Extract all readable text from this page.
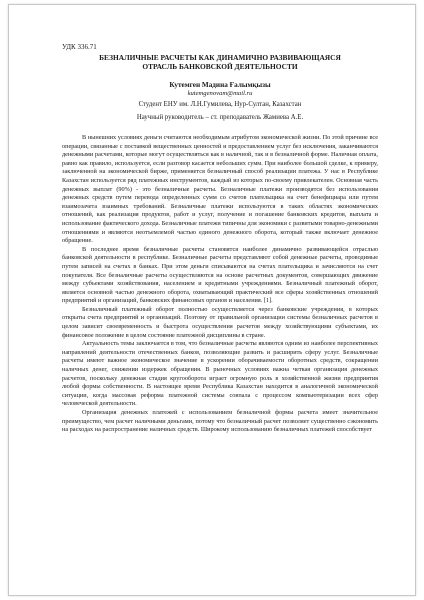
УДК 336.71
БЕЗНАЛИЧНЫЕ РАСЧЕТЫ КАК ДИНАМИЧНО РАЗВИВАЮЩАЯСЯ
ОТРАСЛЬ БАНКОВСКОЙ ДЕЯТЕЛЬНОСТИ
Кутемген Мадина Ғалымқызы
kutemgenovam@mail.ru
Студент ЕНУ им. Л.Н.Гумилева, Нур-Султан, Казахстан
Научный руководитель – ст. преподаватель Жамиева А.Е.

В нынешних условиях деньги считаются необходимым атрибутом экономической жизни. По этой причине все операции, связанные с поставкой вещественных ценностей и предоставлением услуг без исключения, заканчиваются денежными расчетами, которые могут осуществляться как в наличной, так и в безналичной форме. Наличная оплата, равно как правило, используется, если разговор касается небольших сумм. При наиболее большой сделке, к примеру, заключенной на экономической бирже, применяется безналичный способ реализации платежа. У нас в Республике Казахстан используется ряд платежных инструментов, каждый из которых по-своему привлекателен. Основная часть денежных выплат (90%) - это безналичные расчеты. Безналичные платежи производятся без использования денежных средств путем перевода определенных сумм со счетов плательщика на счет бенефициара или путем взаимозачета взаимных требований. Безналичные платежи используются в таких областях экономических отношений, как реализация продуктов, работ и услуг, получение и погашение банковских кредитов, выплата и использование фактического дохода. Безналичные платежи типичны для экономики с развитыми товарно-денежными отношениями и являются неотъемлемой частью единого денежного оборота, который также включает денежное обращение.

В последнее время безналичные расчеты становятся наиболее динамично развивающейся отраслью банковской деятельности в республике. Безналичные расчеты представляют собой денежные расчеты, проводимые путем записей на счетах в банках. При этом деньги списываются на счетах плательщика и зачисляются на счет покупателя. Все безналичные расчеты осуществляются на основе расчетных документов, совершающих движение между субъектами хозяйствования, населением и кредитными учреждениями. Безналичный платежный оборот, является основной частью денежного оборота, охватывающий практический все сферы хозяйственных отношений предприятий и организаций, банковских финансовых органов и населения. [1].

Безналичный платежный оборот полностью осуществляется через банковские учреждения, в которых открыты счета предприятий и организаций. Поэтому от правильной организации системы безналичных расчетов в целом зависит своевременность и быстрота осуществления расчетов между хозяйствующими субъектами, их финансовое положение в целом состояние платежной дисциплины в стране.

Актуальность темы заключается в том, что безналичные расчеты являются одним из наиболее перспективных направлений деятельности отечественных банков, позволяющие развить и расширить сферу услуг. Безналичные расчеты имеют важное экономическое значение в ускорении оборачиваемости оборотных средств, сокращении наличных денег, снижении издержек обращения. В рыночных условиях важна четкая организация денежных расчетов, поскольку денежная стадия кругооборота играет огромную роль в хозяйственной жизни предприятия любой формы собственности. В настоящее время Республика Казахстан находится в аналогичной экономической ситуации, когда массовая реформа платежной системы совпала с процессом компьютеризации всех сфер человеческой деятельности.

Организация денежных платежей с использованием безналичной формы расчета имеет значительное преимущество, чем расчет наличными деньгами, потому что безналичный расчет позволяет существенно сэкономить на расходах на распространение наличных средств. Широкому использованию безналичных платежей способствует
